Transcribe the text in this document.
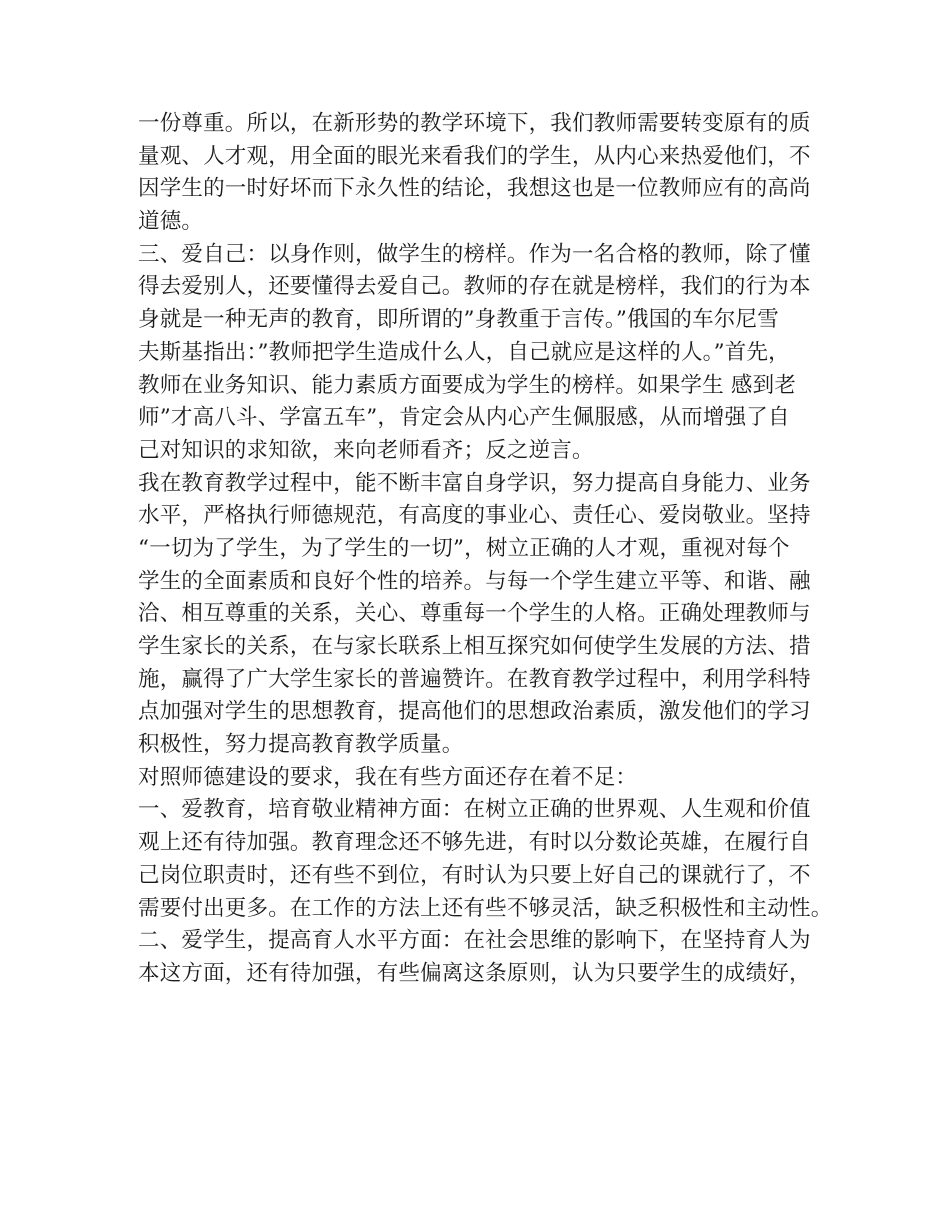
一份尊重。所以，在新形势的教学环境下，我们教师需要转变原有的质
量观、人才观，用全面的眼光来看我们的学生，从内心来热爱他们，不
因学生的一时好坏而下永久性的结论，我想这也是一位教师应有的高尚
道德。
三、爱自己：以身作则，做学生的榜样。作为一名合格的教师，除了懂
得去爱别人，还要懂得去爱自己。教师的存在就是榜样，我们的行为本
身就是一种无声的教育，即所谓的”身教重于言传。”俄国的车尔尼雪
夫斯基指出：”教师把学生造成什么人，自己就应是这样的人。”首先，
教师在业务知识、能力素质方面要成为学生的榜样。如果学生 感到老
师”才高八斗、学富五车”，肯定会从内心产生佩服感，从而增强了自
己对知识的求知欲，来向老师看齐；反之逆言。
我在教育教学过程中，能不断丰富自身学识，努力提高自身能力、业务
水平，严格执行师德规范，有高度的事业心、责任心、爱岗敬业。坚持
“一切为了学生，为了学生的一切”，树立正确的人才观，重视对每个
学生的全面素质和良好个性的培养。与每一个学生建立平等、和谐、融
洽、相互尊重的关系，关心、尊重每一个学生的人格。正确处理教师与
学生家长的关系，在与家长联系上相互探究如何使学生发展的方法、措
施，赢得了广大学生家长的普遍赞许。在教育教学过程中，利用学科特
点加强对学生的思想教育，提高他们的思想政治素质，激发他们的学习
积极性，努力提高教育教学质量。
对照师德建设的要求，我在有些方面还存在着不足：
一、爱教育，培育敬业精神方面：在树立正确的世界观、人生观和价值
观上还有待加强。教育理念还不够先进，有时以分数论英雄，在履行自
己岗位职责时，还有些不到位，有时认为只要上好自己的课就行了，不
需要付出更多。在工作的方法上还有些不够灵活，缺乏积极性和主动性。
二、爱学生，提高育人水平方面：在社会思维的影响下，在坚持育人为
本这方面，还有待加强，有些偏离这条原则，认为只要学生的成绩好，
